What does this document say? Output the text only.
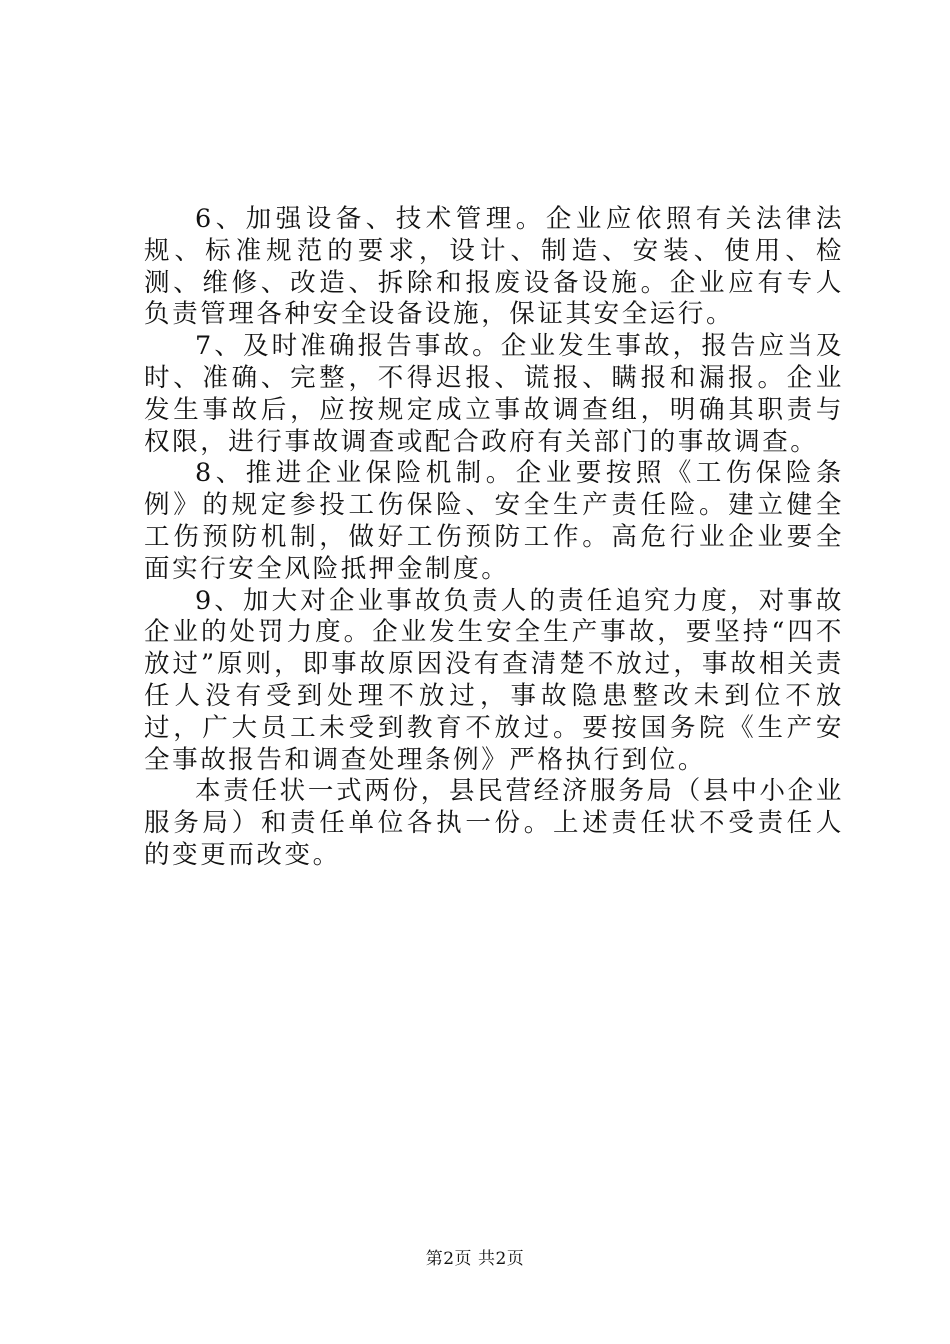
6、加强设备、技术管理。企业应依照有关法律法规、标准规范的要求，设计、制造、安装、使用、检测、维修、改造、拆除和报废设备设施。企业应有专人负责管理各种安全设备设施，保证其安全运行。

7、及时准确报告事故。企业发生事故，报告应当及时、准确、完整，不得迟报、谎报、瞒报和漏报。企业发生事故后，应按规定成立事故调查组，明确其职责与权限，进行事故调查或配合政府有关部门的事故调查。

8、推进企业保险机制。企业要按照《工伤保险条例》的规定参投工伤保险、安全生产责任险。建立健全工伤预防机制，做好工伤预防工作。高危行业企业要全面实行安全风险抵押金制度。

9、加大对企业事故负责人的责任追究力度，对事故企业的处罚力度。企业发生安全生产事故，要坚持“四不放过”原则，即事故原因没有查清楚不放过，事故相关责任人没有受到处理不放过，事故隐患整改未到位不放过，广大员工未受到教育不放过。要按国务院《生产安全事故报告和调查处理条例》严格执行到位。

本责任状一式两份，县民营经济服务局（县中小企业服务局）和责任单位各执一份。上述责任状不受责任人的变更而改变。

第2页 共2页
